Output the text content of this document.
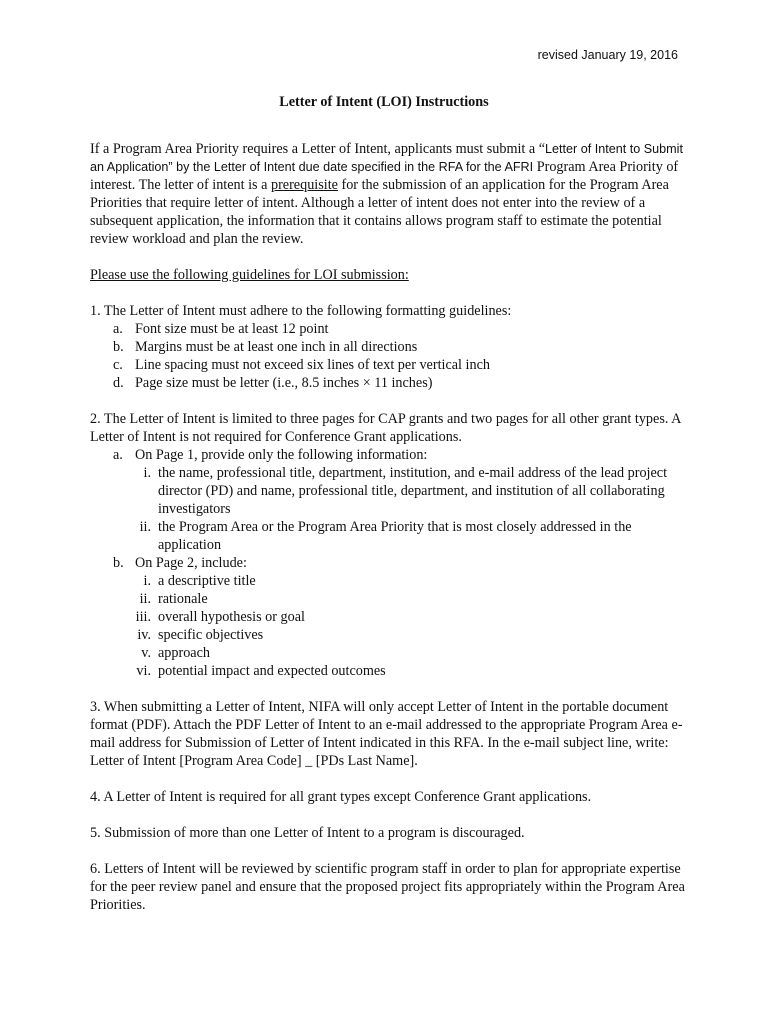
revised January 19, 2016
Letter of Intent (LOI) Instructions

If a Program Area Priority requires a Letter of Intent, applicants must submit a “Letter of Intent to Submit an Application” by the Letter of Intent due date specified in the RFA for the AFRI Program Area Priority of interest. The letter of intent is a prerequisite for the submission of an application for the Program Area Priorities that require letter of intent. Although a letter of intent does not enter into the review of a subsequent application, the information that it contains allows program staff to estimate the potential review workload and plan the review.

Please use the following guidelines for LOI submission:

1. The Letter of Intent must adhere to the following formatting guidelines:

a. Font size must be at least 12 point
b. Margins must be at least one inch in all directions
c. Line spacing must not exceed six lines of text per vertical inch
d. Page size must be letter (i.e., 8.5 inches × 11 inches)

2. The Letter of Intent is limited to three pages for CAP grants and two pages for all other grant types. A Letter of Intent is not required for Conference Grant applications.

a. On Page 1, provide only the following information:
i. the name, professional title, department, institution, and e-mail address of the lead project director (PD) and name, professional title, department, and institution of all collaborating investigators
ii. the Program Area or the Program Area Priority that is most closely addressed in the application
b. On Page 2, include:
i. a descriptive title
ii. rationale
iii. overall hypothesis or goal
iv. specific objectives
v. approach
vi. potential impact and expected outcomes

3. When submitting a Letter of Intent, NIFA will only accept Letter of Intent in the portable document format (PDF). Attach the PDF Letter of Intent to an e-mail addressed to the appropriate Program Area e-mail address for Submission of Letter of Intent indicated in this RFA. In the e-mail subject line, write: Letter of Intent [Program Area Code] _ [PDs Last Name].

4. A Letter of Intent is required for all grant types except Conference Grant applications.

5. Submission of more than one Letter of Intent to a program is discouraged.

6. Letters of Intent will be reviewed by scientific program staff in order to plan for appropriate expertise for the peer review panel and ensure that the proposed project fits appropriately within the Program Area Priorities.
